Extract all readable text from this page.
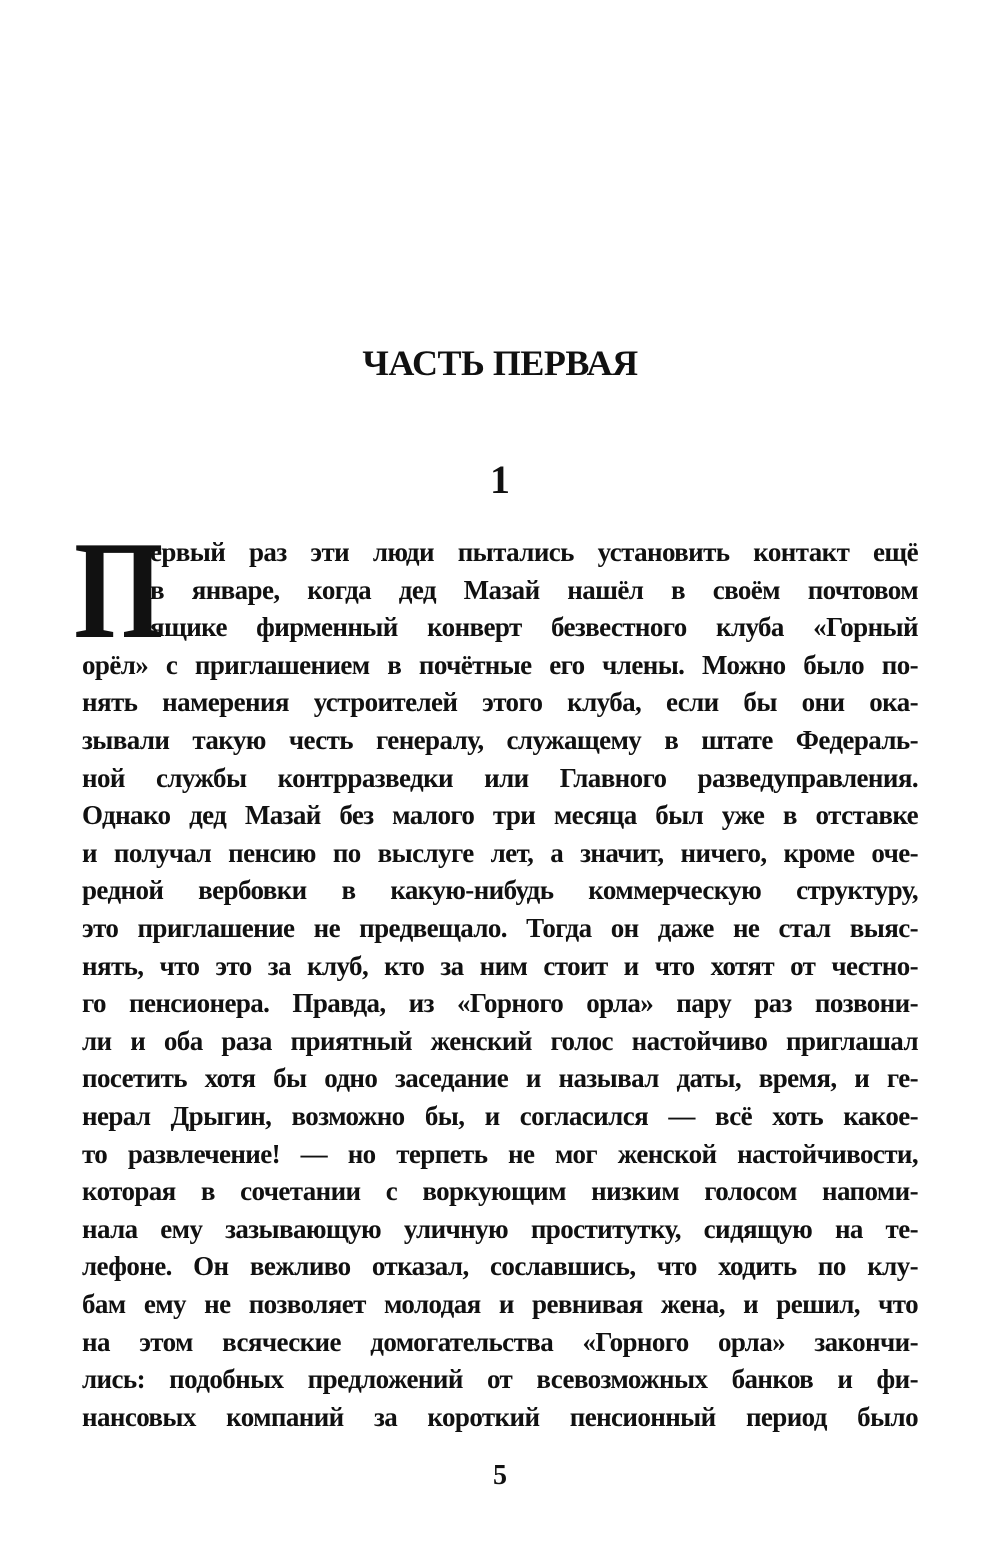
ЧАСТЬ ПЕРВАЯ
1
П
ервый раз эти люди пытались установить контакт ещё
в январе, когда дед Мазай нашёл в своём почтовом
ящике фирменный конверт безвестного клуба «Горный
орёл» с приглашением в почётные его члены. Можно было по-
нять намерения устроителей этого клуба, если бы они ока-
зывали такую честь генералу, служащему в штате Федераль-
ной службы контрразведки или Главного разведуправления.
Однако дед Мазай без малого три месяца был уже в отставке
и получал пенсию по выслуге лет, а значит, ничего, кроме оче-
редной вербовки в какую-нибудь коммерческую структуру,
это приглашение не предвещало. Тогда он даже не стал выяс-
нять, что это за клуб, кто за ним стоит и что хотят от честно-
го пенсионера. Правда, из «Горного орла» пару раз позвони-
ли и оба раза приятный женский голос настойчиво приглашал
посетить хотя бы одно заседание и называл даты, время, и ге-
нерал Дрыгин, возможно бы, и согласился — всё хоть какое-
то развлечение! — но терпеть не мог женской настойчивости,
которая в сочетании с воркующим низким голосом напоми-
нала ему зазывающую уличную проститутку, сидящую на те-
лефоне. Он вежливо отказал, сославшись, что ходить по клу-
бам ему не позволяет молодая и ревнивая жена, и решил, что
на этом всяческие домогательства «Горного орла» закончи-
лись: подобных предложений от всевозможных банков и фи-
нансовых компаний за короткий пенсионный период было
5
